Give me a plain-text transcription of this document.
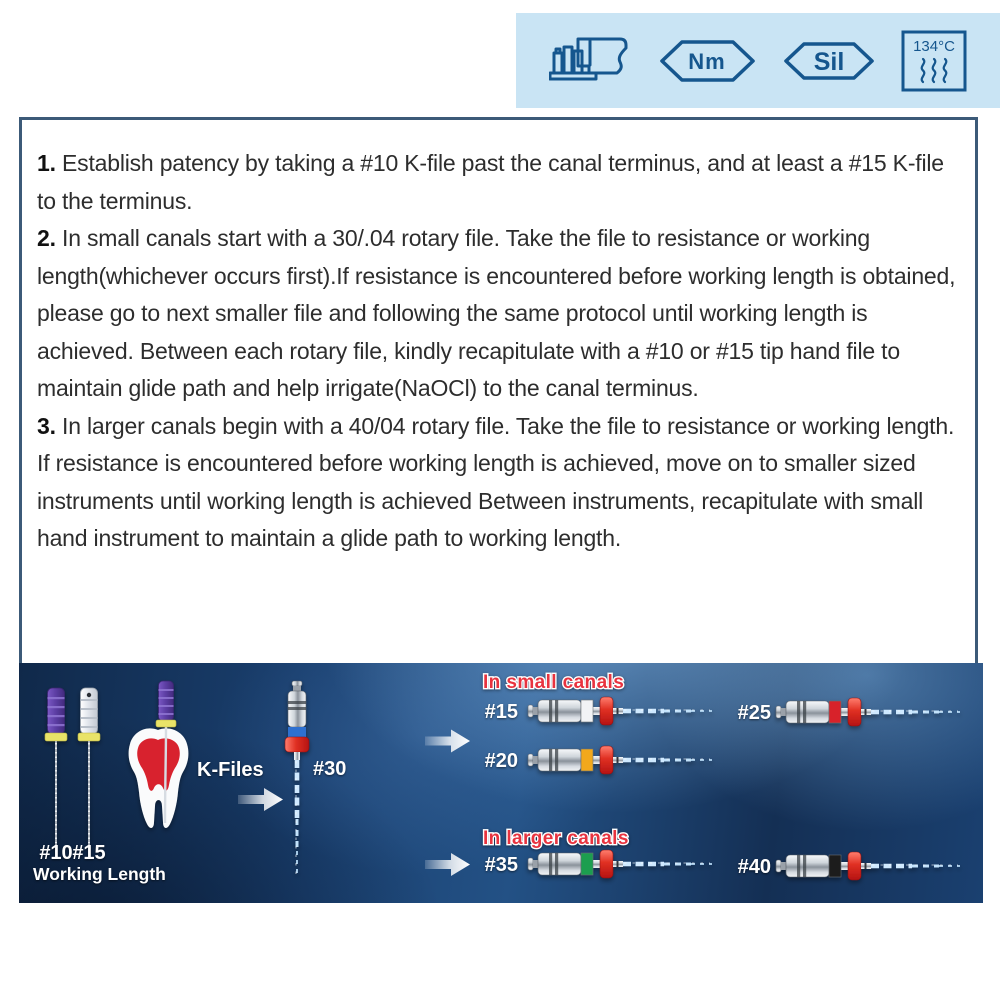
Nm	Sil
134°C

1. Establish patency by taking a #10 K-file past the canal terminus, and at least a #15 K-file to the terminus.

2. In small canals start with a 30/.04 rotary file. Take the file to resistance or working length(whichever occurs first).If resistance is encountered before working length is obtained, please go to next smaller file and following the same protocol until working length is achieved. Between each rotary file, kindly recapitulate with a #10 or #15 tip hand file to maintain glide path and help irrigate(NaOCl) to the canal terminus.

3. In larger canals begin with a 40/04 rotary file. Take the file to resistance or working length. If resistance is encountered before working length is achieved, move on to smaller sized instruments until working length is achieved Between instruments, recapitulate with small hand instrument to maintain a glide path to working length.

#10 #15
Working Length
K-Files #30
In small canals
#15
#20
#25
In larger canals
#35	#40
